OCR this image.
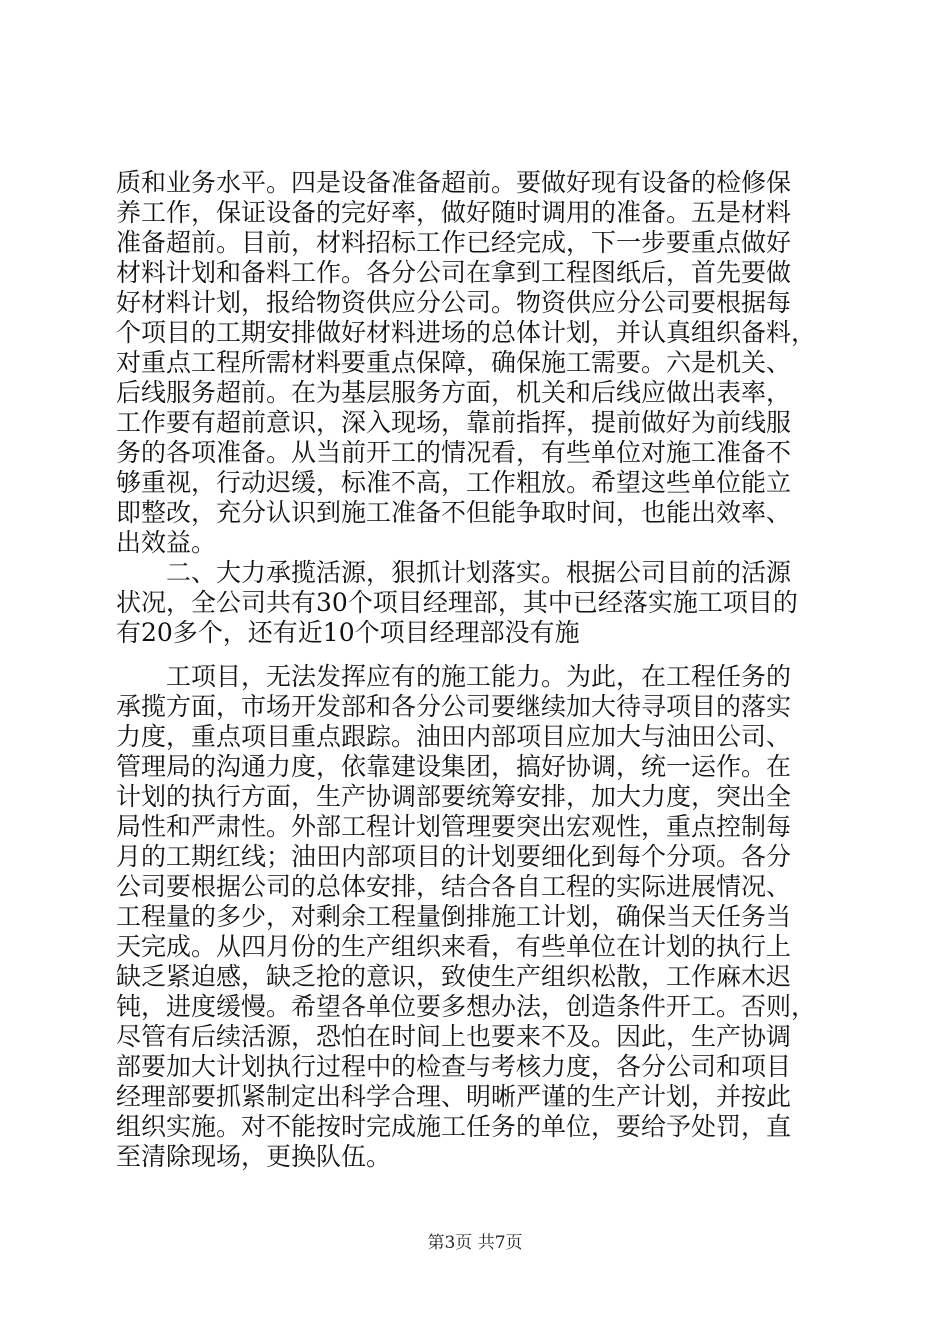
质和业务水平。四是设备准备超前。要做好现有设备的检修保
养工作，保证设备的完好率，做好随时调用的准备。五是材料
准备超前。目前，材料招标工作已经完成，下一步要重点做好
材料计划和备料工作。各分公司在拿到工程图纸后，首先要做
好材料计划，报给物资供应分公司。物资供应分公司要根据每
个项目的工期安排做好材料进场的总体计划，并认真组织备料，
对重点工程所需材料要重点保障，确保施工需要。六是机关、
后线服务超前。在为基层服务方面，机关和后线应做出表率，
工作要有超前意识，深入现场，靠前指挥，提前做好为前线服
务的各项准备。从当前开工的情况看，有些单位对施工准备不
够重视，行动迟缓，标准不高，工作粗放。希望这些单位能立
即整改，充分认识到施工准备不但能争取时间，也能出效率、
出效益。
　　二、大力承揽活源，狠抓计划落实。根据公司目前的活源
状况，全公司共有30个项目经理部，其中已经落实施工项目的
有20多个，还有近10个项目经理部没有施
　　工项目，无法发挥应有的施工能力。为此，在工程任务的
承揽方面，市场开发部和各分公司要继续加大待寻项目的落实
力度，重点项目重点跟踪。油田内部项目应加大与油田公司、
管理局的沟通力度，依靠建设集团，搞好协调，统一运作。在
计划的执行方面，生产协调部要统筹安排，加大力度，突出全
局性和严肃性。外部工程计划管理要突出宏观性，重点控制每
月的工期红线；油田内部项目的计划要细化到每个分项。各分
公司要根据公司的总体安排，结合各自工程的实际进展情况、
工程量的多少，对剩余工程量倒排施工计划，确保当天任务当
天完成。从四月份的生产组织来看，有些单位在计划的执行上
缺乏紧迫感，缺乏抢的意识，致使生产组织松散，工作麻木迟
钝，进度缓慢。希望各单位要多想办法，创造条件开工。否则，
尽管有后续活源，恐怕在时间上也要来不及。因此，生产协调
部要加大计划执行过程中的检查与考核力度，各分公司和项目
经理部要抓紧制定出科学合理、明晰严谨的生产计划，并按此
组织实施。对不能按时完成施工任务的单位，要给予处罚，直
至清除现场，更换队伍。
第3页 共7页
